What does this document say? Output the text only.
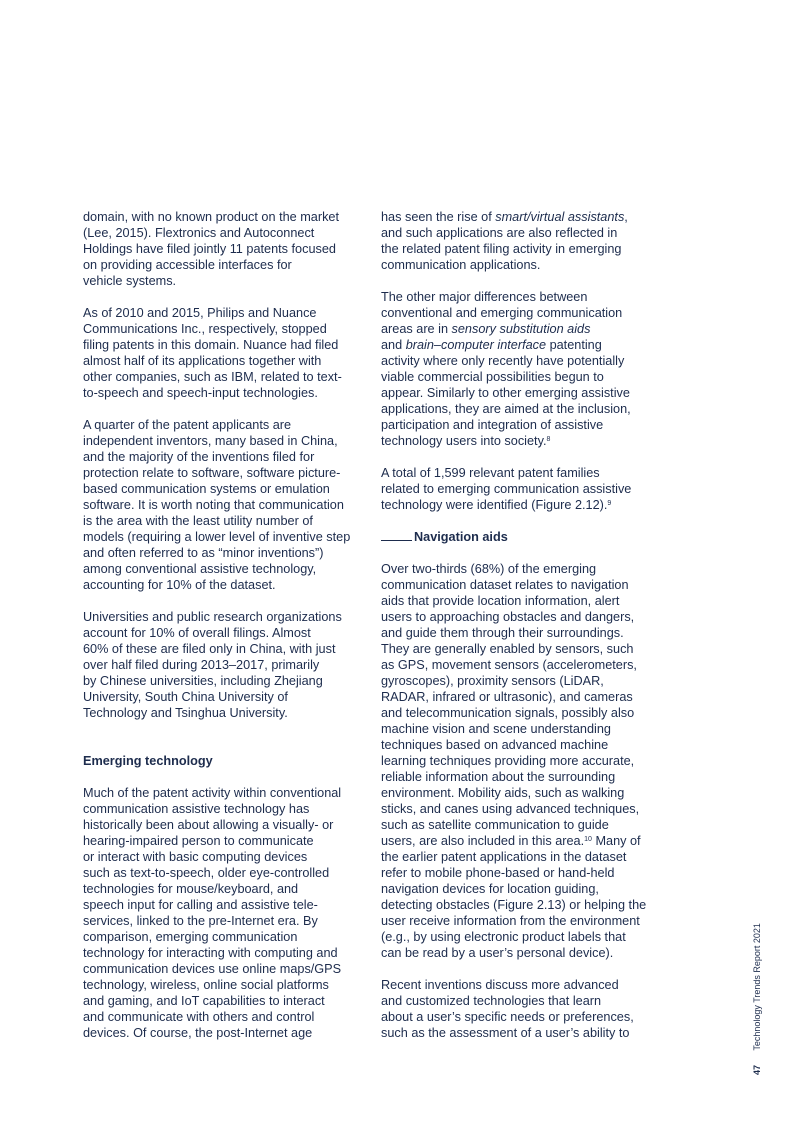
domain, with no known product on the market
(Lee, 2015). Flextronics and Autoconnect
Holdings have filed jointly 11 patents focused
on providing accessible interfaces for
vehicle systems.
As of 2010 and 2015, Philips and Nuance
Communications Inc., respectively, stopped
filing patents in this domain. Nuance had filed
almost half of its applications together with
other companies, such as IBM, related to text-
to-speech and speech-input technologies.
A quarter of the patent applicants are
independent inventors, many based in China,
and the majority of the inventions filed for
protection relate to software, software picture-
based communication systems or emulation
software. It is worth noting that communication
is the area with the least utility number of
models (requiring a lower level of inventive step
and often referred to as “minor inventions”)
among conventional assistive technology,
accounting for 10% of the dataset.
Universities and public research organizations
account for 10% of overall filings. Almost
60% of these are filed only in China, with just
over half filed during 2013–2017, primarily
by Chinese universities, including Zhejiang
University, South China University of
Technology and Tsinghua University.
Emerging technology
Much of the patent activity within conventional
communication assistive technology has
historically been about allowing a visually- or
hearing-impaired person to communicate
or interact with basic computing devices
such as text-to-speech, older eye-controlled
technologies for mouse/keyboard, and
speech input for calling and assistive tele-
services, linked to the pre-Internet era. By
comparison, emerging communication
technology for interacting with computing and
communication devices use online maps/GPS
technology, wireless, online social platforms
and gaming, and IoT capabilities to interact
and communicate with others and control
devices. Of course, the post-Internet age
has seen the rise of smart/virtual assistants,
and such applications are also reflected in
the related patent filing activity in emerging
communication applications.
The other major differences between
conventional and emerging communication
areas are in sensory substitution aids
and brain–computer interface patenting
activity where only recently have potentially
viable commercial possibilities begun to
appear. Similarly to other emerging assistive
applications, they are aimed at the inclusion,
participation and integration of assistive
technology users into society.$^8$
A total of 1,599 relevant patent families
related to emerging communication assistive
technology were identified (Figure 2.12).$^9$
Navigation aids
Over two-thirds (68%) of the emerging
communication dataset relates to navigation
aids that provide location information, alert
users to approaching obstacles and dangers,
and guide them through their surroundings.
They are generally enabled by sensors, such
as GPS, movement sensors (accelerometers,
gyroscopes), proximity sensors (LiDAR,
RADAR, infrared or ultrasonic), and cameras
and telecommunication signals, possibly also
machine vision and scene understanding
techniques based on advanced machine
learning techniques providing more accurate,
reliable information about the surrounding
environment. Mobility aids, such as walking
sticks, and canes using advanced techniques,
such as satellite communication to guide
users, are also included in this area.$^{10}$ Many of
the earlier patent applications in the dataset
refer to mobile phone-based or hand-held
navigation devices for location guiding,
detecting obstacles (Figure 2.13) or helping the
user receive information from the environment
(e.g., by using electronic product labels that
can be read by a user’s personal device).
Recent inventions discuss more advanced
and customized technologies that learn
about a user’s specific needs or preferences,
such as the assessment of a user’s ability to
47 Technology Trends Report 2021
